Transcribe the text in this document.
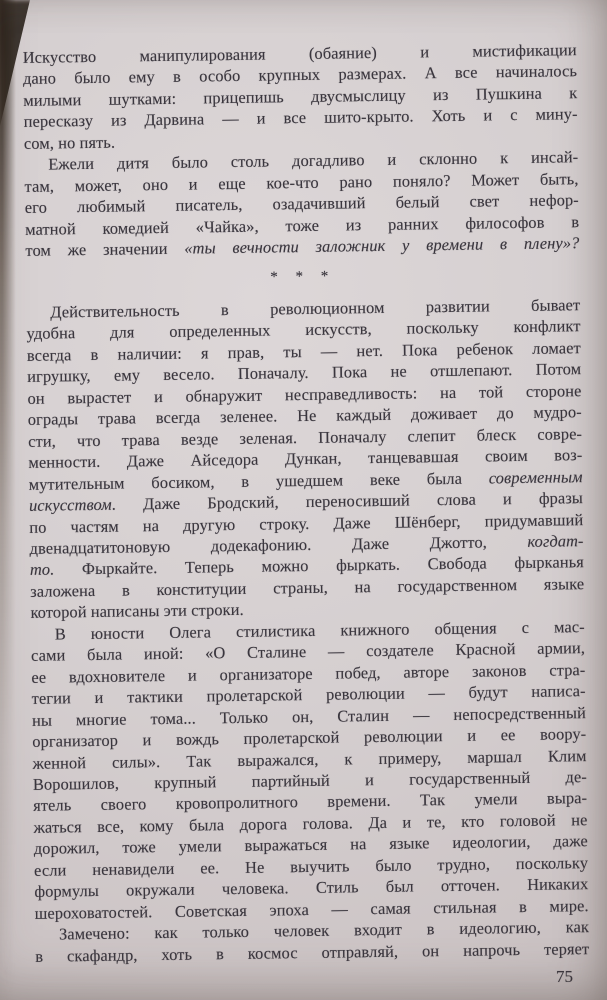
Искусство манипулирования (обаяние) и мистификации
дано было ему в особо крупных размерах. А все начиналось
милыми шутками: прицепишь двусмыслицу из Пушкина к
пересказу из Дарвина — и все шито-крыто. Хоть и с мину-
сом, но пять.
Ежели дитя было столь догадливо и склонно к инсай-
там, может, оно и еще кое-что рано поняло? Может быть,
его любимый писатель, озадачивший белый свет нефор-
матной комедией «Чайка», тоже из ранних философов в
том же значении «ты вечности заложник у времени в плену»?
* * *
Действительность в революционном развитии бывает
удобна для определенных искусств, поскольку конфликт
всегда в наличии: я прав, ты — нет. Пока ребенок ломает
игрушку, ему весело. Поначалу. Пока не отшлепают. Потом
он вырастет и обнаружит несправедливость: на той стороне
ограды трава всегда зеленее. Не каждый доживает до мудро-
сти, что трава везде зеленая. Поначалу слепит блеск совре-
менности. Даже Айседора Дункан, танцевавшая своим воз-
мутительным босиком, в ушедшем веке была современным
искусством. Даже Бродский, переносивший слова и фразы
по частям на другую строку. Даже Шёнберг, придумавший
двенадцатитоновую додекафонию. Даже Джотто, когдат-
то. Фыркайте. Теперь можно фыркать. Свобода фырканья
заложена в конституции страны, на государственном языке
которой написаны эти строки.
В юности Олега стилистика книжного общения с мас-
сами была иной: «О Сталине — создателе Красной армии,
ее вдохновителе и организаторе побед, авторе законов стра-
тегии и тактики пролетарской революции — будут написа-
ны многие тома... Только он, Сталин — непосредственный
организатор и вождь пролетарской революции и ее воору-
женной силы». Так выражался, к примеру, маршал Клим
Ворошилов, крупный партийный и государственный де-
ятель своего кровопролитного времени. Так умели выра-
жаться все, кому была дорога голова. Да и те, кто головой не
дорожил, тоже умели выражаться на языке идеологии, даже
если ненавидели ее. Не выучить было трудно, поскольку
формулы окружали человека. Стиль был отточен. Никаких
шероховатостей. Советская эпоха — самая стильная в мире.
Замечено: как только человек входит в идеологию, как
в скафандр, хоть в космос отправляй, он напрочь теряет
75
